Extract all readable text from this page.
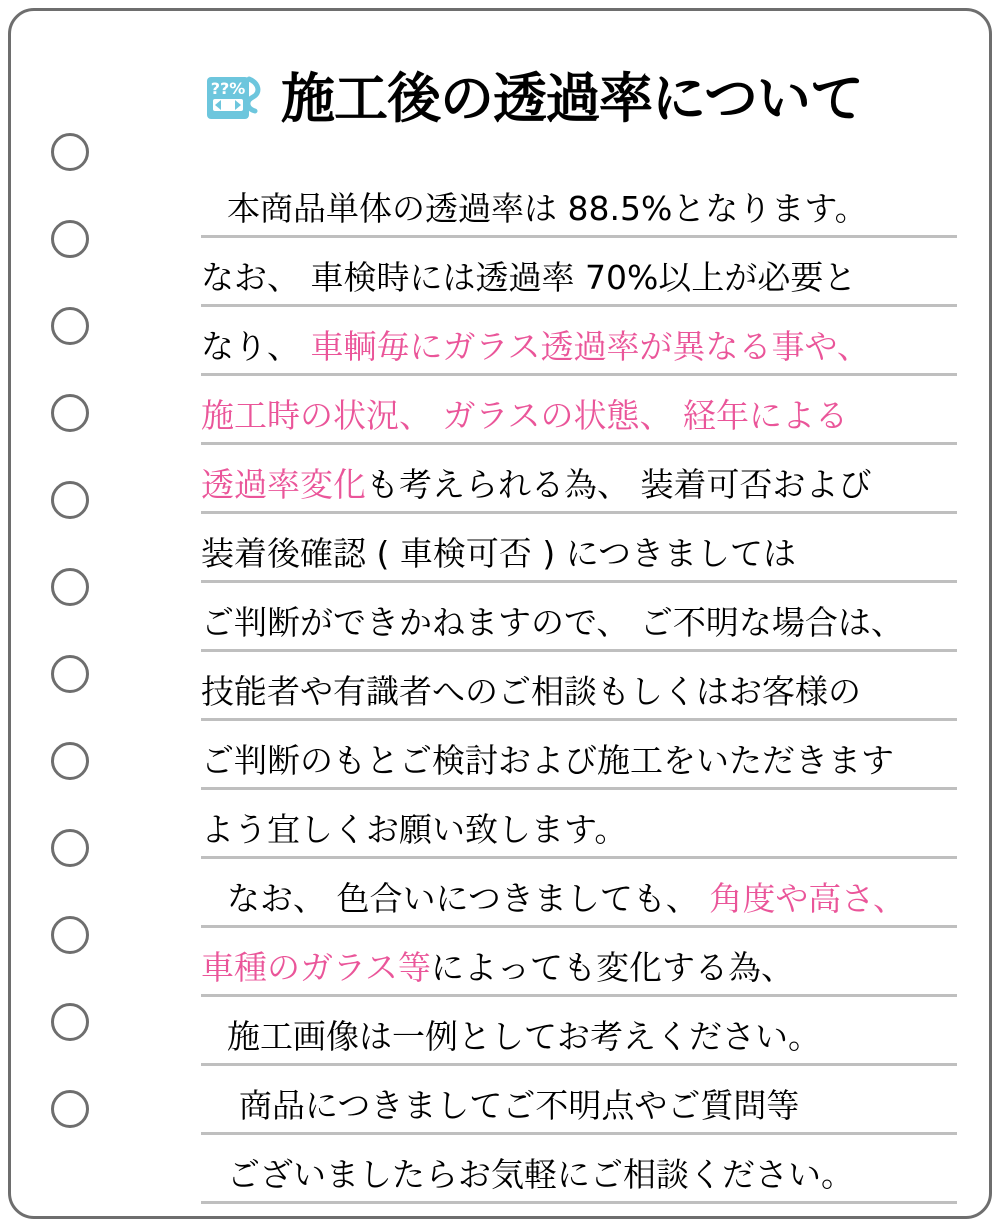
??% 施工後の透過率について
本商品単体の透過率は 88.5%となります。
なお、 車検時には透過率 70%以上が必要と
なり、 車輌毎にガラス透過率が異なる事や、
施工時の状況、 ガラスの状態、 経年による
透過率変化も考えられる為、 装着可否および
装着後確認 ( 車検可否 ) につきましては
ご判断ができかねますので、 ご不明な場合は、
技能者や有識者へのご相談もしくはお客様の
ご判断のもとご検討および施工をいただきます
よう宜しくお願い致します。
なお、 色合いにつきましても、 角度や高さ、
車種のガラス等によっても変化する為、
施工画像は一例としてお考えください。
商品につきましてご不明点やご質問等
ございましたらお気軽にご相談ください。
